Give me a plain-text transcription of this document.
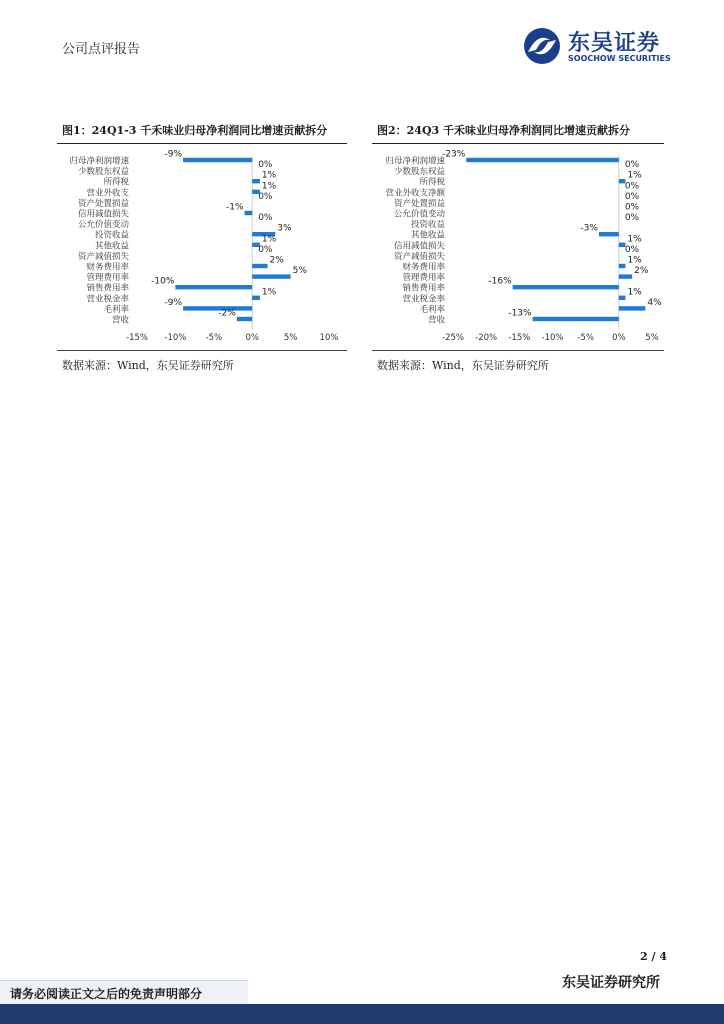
公司点评报告	东吴证券
SOOCHOW SECURITIES
图1：24Q1-3 千禾味业归母净利润同比增速贡献拆分
归母净利润增速
-9%
少数股东权益
0%
所得税
1%
营业外收支
1%
资产处置损益
0%
信用减值损失
-1%
公允价值变动
0%
投资收益
3%
其他收益
1%
资产减值损失
0%
财务费用率
2%
管理费用率
5%
销售费用率
-10%
营业税金率
1%
毛利率
-9%
营收
-2%
-15% -10% -5%	0%	5%	10%
数据来源：Wind，东吴证券研究所
图2：24Q3 千禾味业归母净利润同比增速贡献拆分
归母净利润增速
-23%
少数股东权益
0%
所得税
1%
营业外收支净额
0%
资产处置损益
0%
公允价值变动
0%
投资收益
0%
其他收益
-3%
信用减值损失
1%
资产减值损失
0%
财务费用率
1%
管理费用率
2%
销售费用率
-16%
营业税金率
1%
毛利率
4%
营收
-13%
-25% -20% -15% -10% -5% 0% 5%
数据来源：Wind，东吴证券研究所
2 / 4
东吴证券研究所
请务必阅读正文之后的免责声明部分
